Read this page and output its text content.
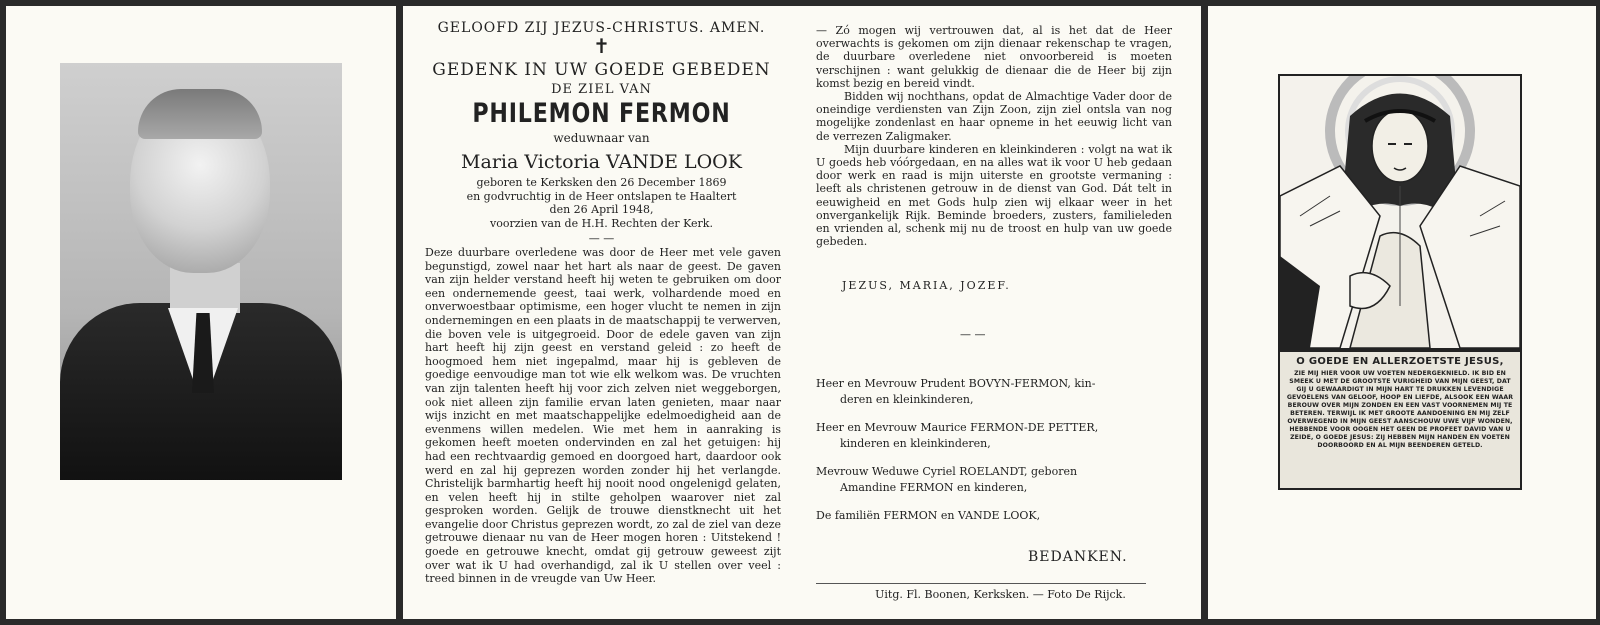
GELOOFD ZIJ JEZUS-CHRISTUS. AMEN.
✝
GEDENK IN UW GOEDE GEBEDEN
DE ZIEL VAN
PHILEMON FERMON
weduwnaar van
Maria Victoria VANDE LOOK
geboren te Kerksken den 26 December 1869
en godvruchtig in de Heer ontslapen te Haaltert
den 26 April 1948,
voorzien van de H.H. Rechten der Kerk.
— —
Deze duurbare overledene was door de Heer met vele gaven begunstigd, zowel naar het hart als naar de geest. De gaven van zijn helder verstand heeft hij weten te gebruiken om door een ondernemende geest, taai werk, volhardende moed en onverwoestbaar optimisme, een hoger vlucht te nemen in zijn ondernemingen en een plaats in de maatschappij te verwerven, die boven vele is uitgegroeid. Door de edele gaven van zijn hart heeft hij zijn geest en verstand geleid : zo heeft de hoogmoed hem niet ingepalmd, maar hij is gebleven de goedige eenvoudige man tot wie elk welkom was. De vruchten van zijn talenten heeft hij voor zich zelven niet weggeborgen, ook niet alleen zijn familie ervan laten genieten, maar naar wijs inzicht en met maatschappelijke edelmoedigheid aan de evenmens willen medelen. Wie met hem in aanraking is gekomen heeft moeten ondervinden en zal het getuigen: hij had een rechtvaardig gemoed en doorgoed hart, daardoor ook werd en zal hij geprezen worden zonder hij het verlangde. Christelijk barmhartig heeft hij nooit nood ongelenigd gelaten, en velen heeft hij in stilte geholpen waarover niet zal gesproken worden. Gelijk de trouwe dienstknecht uit het evangelie door Christus geprezen wordt, zo zal de ziel van deze getrouwe dienaar nu van de Heer mogen horen : Uitstekend ! goede en getrouwe knecht, omdat gij getrouw geweest zijt over wat ik U had overhandigd, zal ik U stellen over veel : treed binnen in de vreugde van Uw Heer.

— Zó mogen wij vertrouwen dat, al is het dat de Heer overwachts is gekomen om zijn dienaar rekenschap te vragen, de duurbare overledene niet onvoorbereid is moeten verschijnen : want gelukkig de dienaar die de Heer bij zijn komst bezig en bereid vindt.

Bidden wij nochthans, opdat de Almachtige Vader door de oneindige verdiensten van Zijn Zoon, zijn ziel ontsla van nog mogelijke zondenlast en haar opneme in het eeuwig licht van de verrezen Zaligmaker.

Mijn duurbare kinderen en kleinkinderen : volgt na wat ik U goeds heb vóórgedaan, en na alles wat ik voor U heb gedaan door werk en raad is mijn uiterste en grootste vermaning : leeft als christenen getrouw in de dienst van God. Dát telt in eeuwigheid en met Gods hulp zien wij elkaar weer in het onvergankelijk Rijk. Beminde broeders, zusters, familieleden en vrienden al, schenk mij nu de troost en hulp van uw goede gebeden.

JEZUS, MARIA, JOZEF.
— —
Heer en Mevrouw Prudent BOVYN-FERMON, kin-
deren en kleinkinderen,
Heer en Mevrouw Maurice FERMON-DE PETTER,
kinderen en kleinkinderen,
Mevrouw Weduwe Cyriel ROELANDT, geboren
Amandine FERMON en kinderen,
De familiën FERMON en VANDE LOOK,
BEDANKEN.
Uitg. Fl. Boonen, Kerksken. — Foto De Rijck.
O GOEDE EN ALLERZOETSTE JESUS,
ZIE MIJ HIER VOOR UW VOETEN NEDERGEKNIELD. IK BID EN SMEEK U MET DE GROOTSTE VURIGHEID VAN MIJN GEEST, DAT GIJ U GEWAARDIGT IN MIJN HART TE DRUKKEN LEVENDIGE GEVOELENS VAN GELOOF, HOOP EN LIEFDE, ALSOOK EEN WAAR BEROUW OVER MIJN ZONDEN EN EEN VAST VOORNEMEN MIJ TE BETEREN. TERWIJL IK MET GROOTE AANDOENING EN MIJ ZELF OVERWEGEND IN MIJN GEEST AANSCHOUW UWE VIJF WONDEN, HEBBENDE VOOR OOGEN HET GEEN DE PROFEET DAVID VAN U ZEIDE, O GOEDE JESUS: ZIJ HEBBEN MIJN HANDEN EN VOETEN DOORBOORD EN AL MIJN BEENDEREN GETELD.
